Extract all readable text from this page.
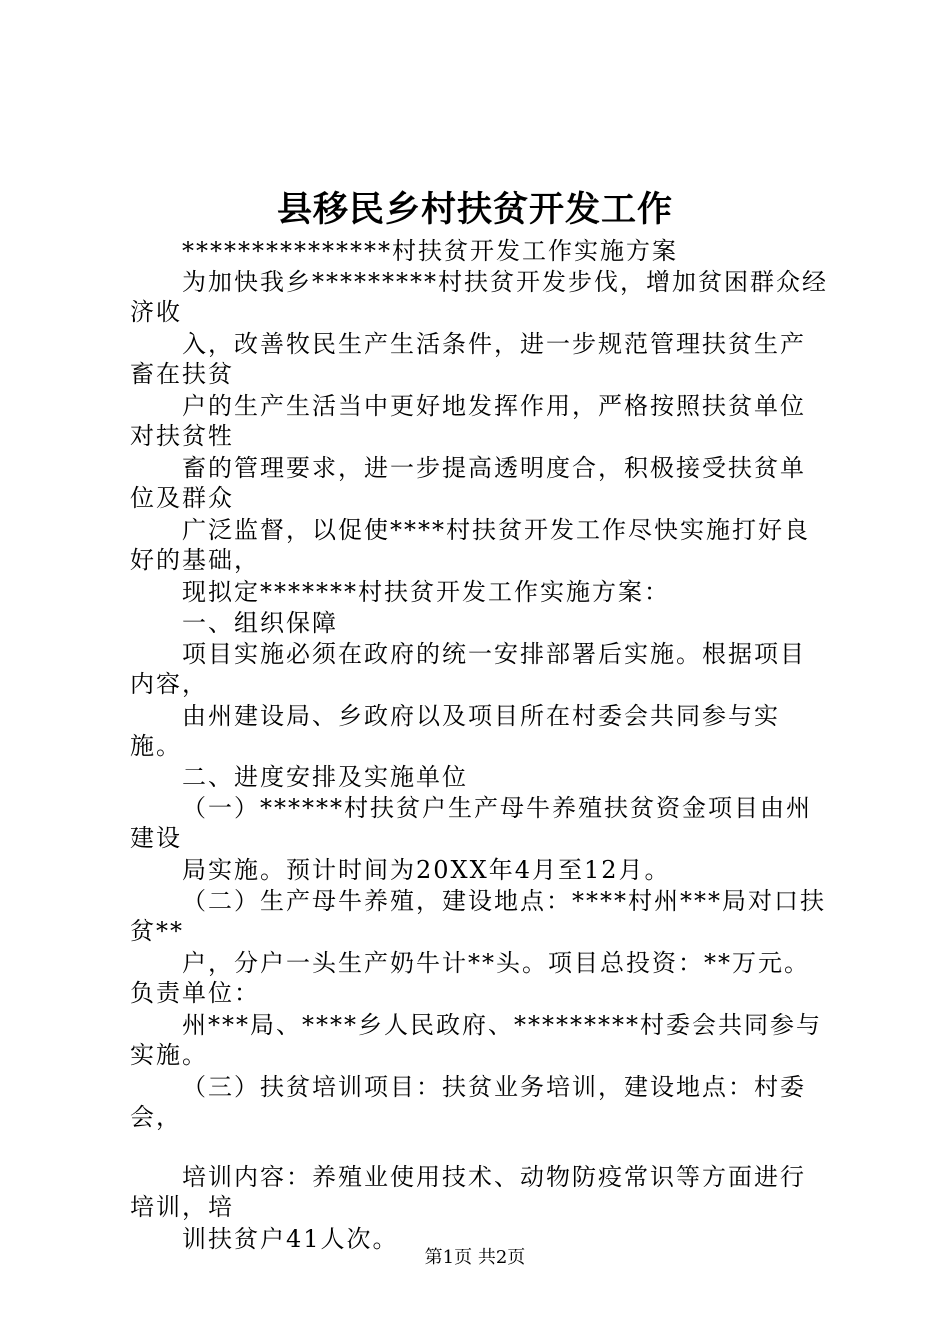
县移民乡村扶贫开发工作

***************村扶贫开发工作实施方案

为加快我乡*********村扶贫开发步伐，增加贫困群众经济收

入，改善牧民生产生活条件，进一步规范管理扶贫生产畜在扶贫

户的生产生活当中更好地发挥作用，严格按照扶贫单位对扶贫牲

畜的管理要求，进一步提高透明度合，积极接受扶贫单位及群众

广泛监督，以促使****村扶贫开发工作尽快实施打好良好的基础，

现拟定*******村扶贫开发工作实施方案：

一、组织保障

项目实施必须在政府的统一安排部署后实施。根据项目内容，

由州建设局、乡政府以及项目所在村委会共同参与实施。

二、进度安排及实施单位

（一）******村扶贫户生产母牛养殖扶贫资金项目由州建设

局实施。预计时间为20XX年4月至12月。

（二）生产母牛养殖，建设地点：****村州***局对口扶贫**

户，分户一头生产奶牛计**头。项目总投资：**万元。负责单位：

州***局、****乡人民政府、*********村委会共同参与实施。

（三）扶贫培训项目：扶贫业务培训，建设地点：村委会，

培训内容：养殖业使用技术、动物防疫常识等方面进行培训，培

训扶贫户41人次。

第1页 共2页
